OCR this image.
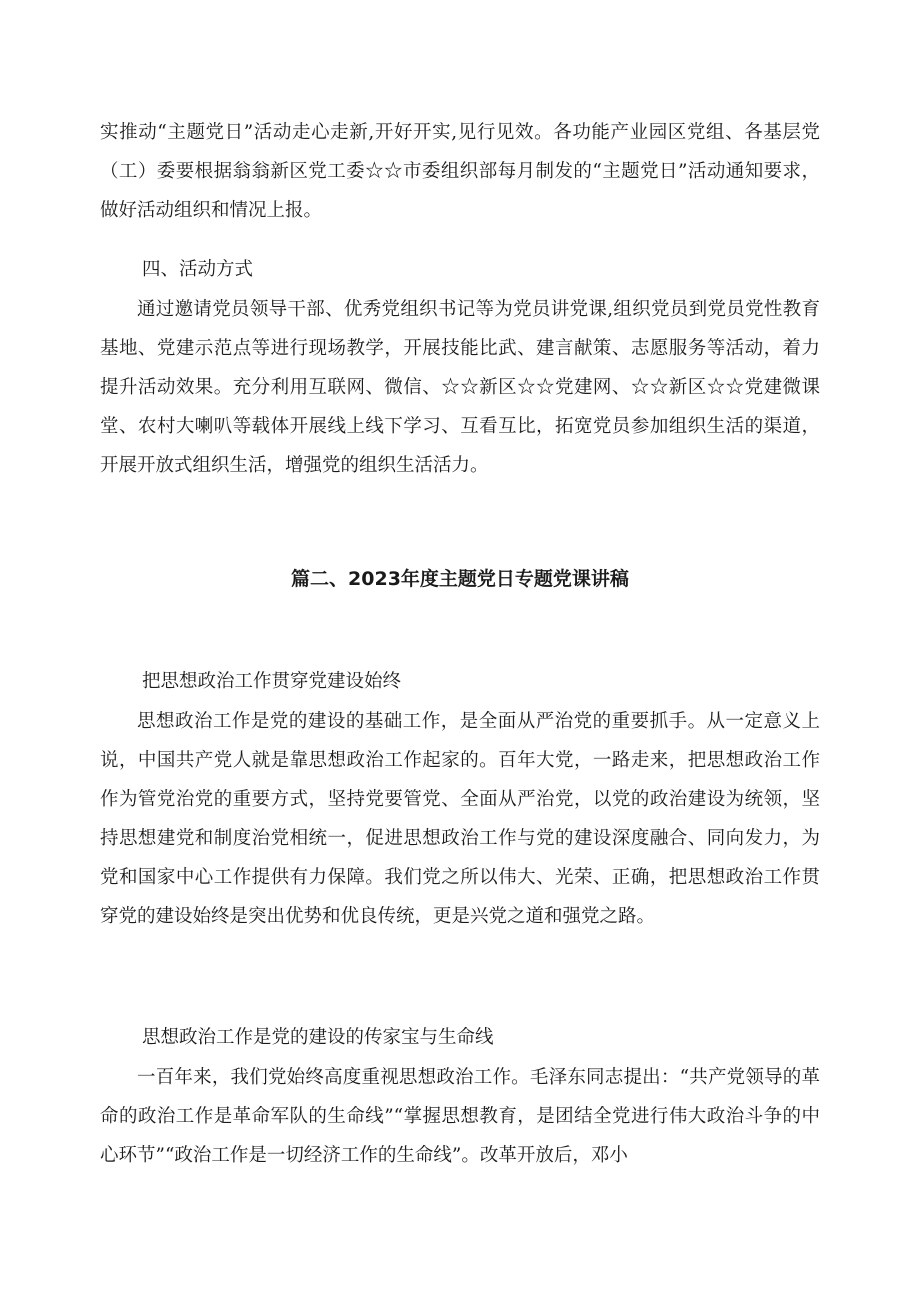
实推动“主题党日”活动走心走新,开好开实,见行见效。各功能产业园区党组、各基层党（工）委要根据翁翁新区党工委☆☆市委组织部每月制发的“主题党日”活动通知要求，做好活动组织和情况上报。

四、活动方式

通过邀请党员领导干部、优秀党组织书记等为党员讲党课,组织党员到党员党性教育基地、党建示范点等进行现场教学，开展技能比武、建言献策、志愿服务等活动，着力提升活动效果。充分利用互联网、微信、☆☆新区☆☆党建网、☆☆新区☆☆党建微课堂、农村大喇叭等载体开展线上线下学习、互看互比，拓宽党员参加组织生活的渠道，开展开放式组织生活，增强党的组织生活活力。

篇二、2023年度主题党日专题党课讲稿

把思想政治工作贯穿党建设始终

思想政治工作是党的建设的基础工作，是全面从严治党的重要抓手。从一定意义上说，中国共产党人就是靠思想政治工作起家的。百年大党，一路走来，把思想政治工作作为管党治党的重要方式，坚持党要管党、全面从严治党，以党的政治建设为统领，坚持思想建党和制度治党相统一，促进思想政治工作与党的建设深度融合、同向发力，为党和国家中心工作提供有力保障。我们党之所以伟大、光荣、正确，把思想政治工作贯穿党的建设始终是突出优势和优良传统，更是兴党之道和强党之路。

思想政治工作是党的建设的传家宝与生命线

一百年来，我们党始终高度重视思想政治工作。毛泽东同志提出：“共产党领导的革命的政治工作是革命军队的生命线”“掌握思想教育，是团结全党进行伟大政治斗争的中心环节”“政治工作是一切经济工作的生命线”。改革开放后，邓小
